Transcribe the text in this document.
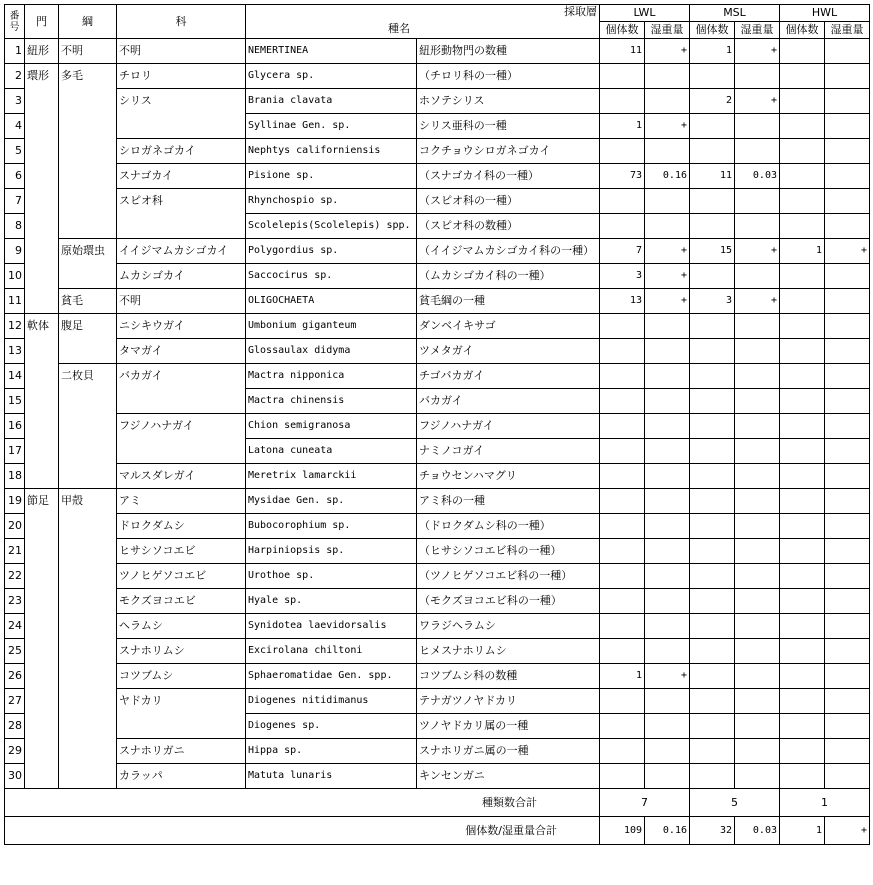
番号	門	綱	科	採取層
種名		LWL		MSL		HWL	
						個体数	湿重量	個体数	湿重量	個体数	湿重量
1	紐形	不明	不明	NEMERTINEA	紐形動物門の数種	11	+	1	+		
2	環形	多毛	チロリ	Glycera sp.	（チロリ科の一種）						
3			シリス	Brania clavata	ホソテシリス			2	+		
4				Syllinae Gen. sp.	シリス亜科の一種	1	+				
5			シロガネゴカイ	Nephtys californiensis	コクチョウシロガネゴカイ						
6			スナゴカイ	Pisione sp.	（スナゴカイ科の一種）	73	0.16	11	0.03		
7			スピオ科	Rhynchospio sp.	（スピオ科の一種）						
8				Scolelepis(Scolelepis) spp.	（スピオ科の数種）						
9		原始環虫	イイジマムカシゴカイ	Polygordius sp.	（イイジマムカシゴカイ科の一種）	7	+	15	+	1	+
10			ムカシゴカイ	Saccocirus sp.	（ムカシゴカイ科の一種）	3	+				
11		貧毛	不明	OLIGOCHAETA	貧毛綱の一種	13	+	3	+		
12	軟体	腹足	ニシキウガイ	Umbonium giganteum	ダンベイキサゴ						
13			タマガイ	Glossaulax didyma	ツメタガイ						
14		二枚貝	バカガイ	Mactra nipponica	チゴバカガイ						
15				Mactra chinensis	バカガイ						
16			フジノハナガイ	Chion semigranosa	フジノハナガイ						
17				Latona cuneata	ナミノコガイ						
18			マルスダレガイ	Meretrix lamarckii	チョウセンハマグリ						
19	節足	甲殻	アミ	Mysidae Gen. sp.	アミ科の一種						
20			ドロクダムシ	Bubocorophium sp.	（ドロクダムシ科の一種）						
21			ヒサシソコエビ	Harpiniopsis sp.	（ヒサシソコエビ科の一種）						
22			ツノヒゲソコエビ	Urothoe sp.	（ツノヒゲソコエビ科の一種）						
23			モクズヨコエビ	Hyale sp.	（モクズヨコエビ科の一種）						
24			ヘラムシ	Synidotea laevidorsalis	ワラジヘラムシ						
25			スナホリムシ	Excirolana chiltoni	ヒメスナホリムシ						
26			コツブムシ	Sphaeromatidae Gen. spp.	コツブムシ科の数種	1	+				
27			ヤドカリ	Diogenes nitidimanus	テナガツノヤドカリ						
28				Diogenes sp.	ツノヤドカリ属の一種						
29			スナホリガニ	Hippa sp.	スナホリガニ属の一種						
30			カラッパ	Matuta lunaris	キンセンガニ						
種類数合計						7		5		1	
個体数/湿重量合計						109	0.16	32	0.03	1	+
